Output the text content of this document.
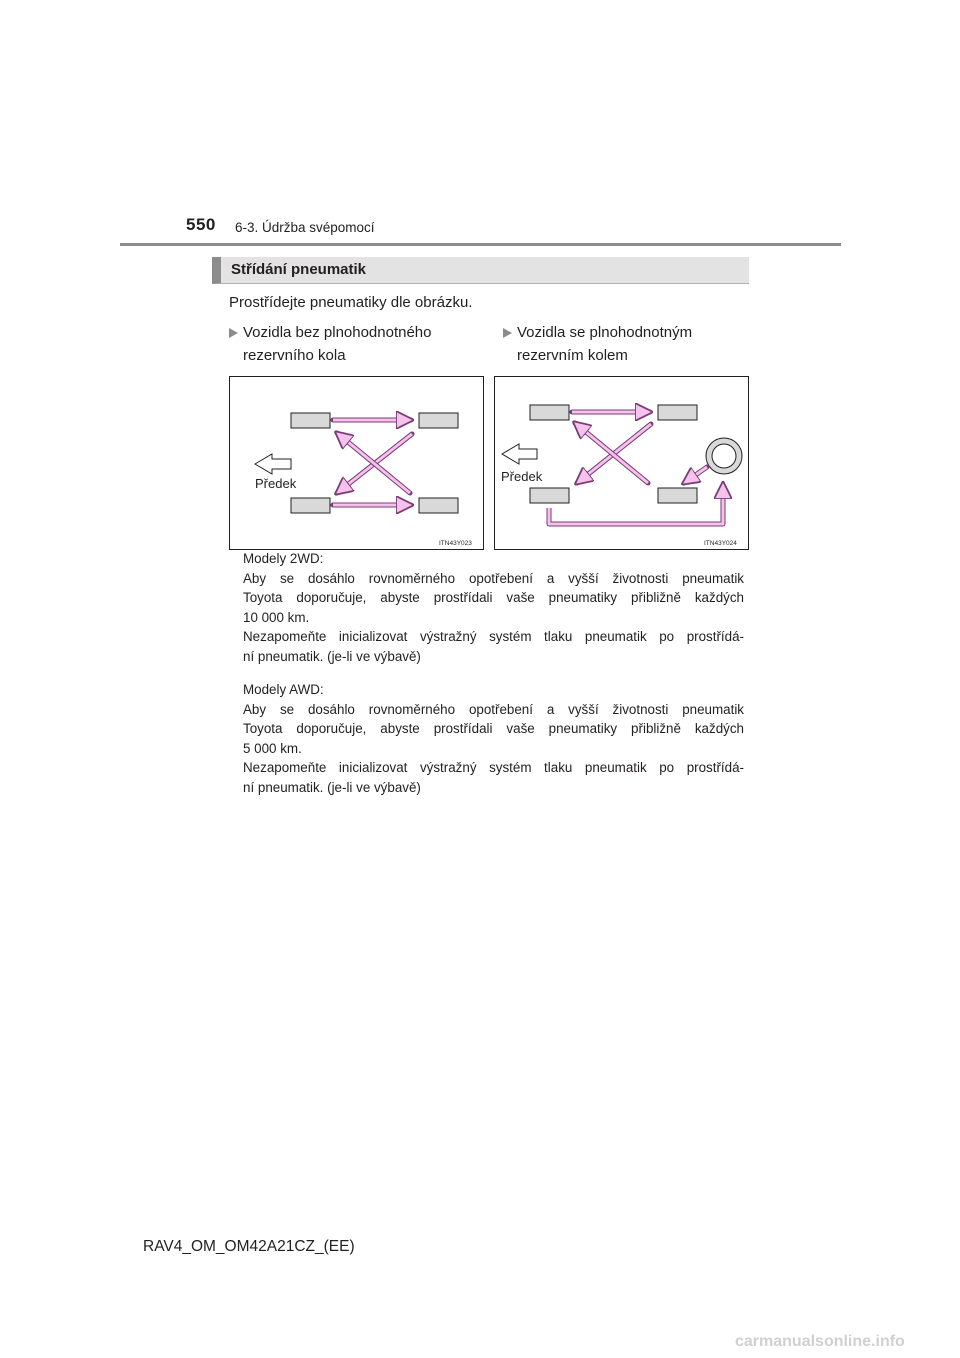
550 6-3. Údržba svépomocí
Střídání pneumatik
Prostřídejte pneumatiky dle obrázku.
Vozidla bez plnohodnotného
rezervního kola
Vozidla se plnohodnotným
rezervním kolem
Předek
ITN43Y023
Předek
ITN43Y024

Modely 2WD:

Aby se dosáhlo rovnoměrného opotřebení a vyšší životnosti pneumatik

Toyota doporučuje, abyste prostřídali vaše pneumatiky přibližně každých

10 000 km.

Nezapomeňte inicializovat výstražný systém tlaku pneumatik po prostřídá-

ní pneumatik. (je-li ve výbavě)

Modely AWD:

Aby se dosáhlo rovnoměrného opotřebení a vyšší životnosti pneumatik

Toyota doporučuje, abyste prostřídali vaše pneumatiky přibližně každých

5 000 km.

Nezapomeňte inicializovat výstražný systém tlaku pneumatik po prostřídá-

ní pneumatik. (je-li ve výbavě)

RAV4_OM_OM42A21CZ_(EE)
carmanualsonline.info
